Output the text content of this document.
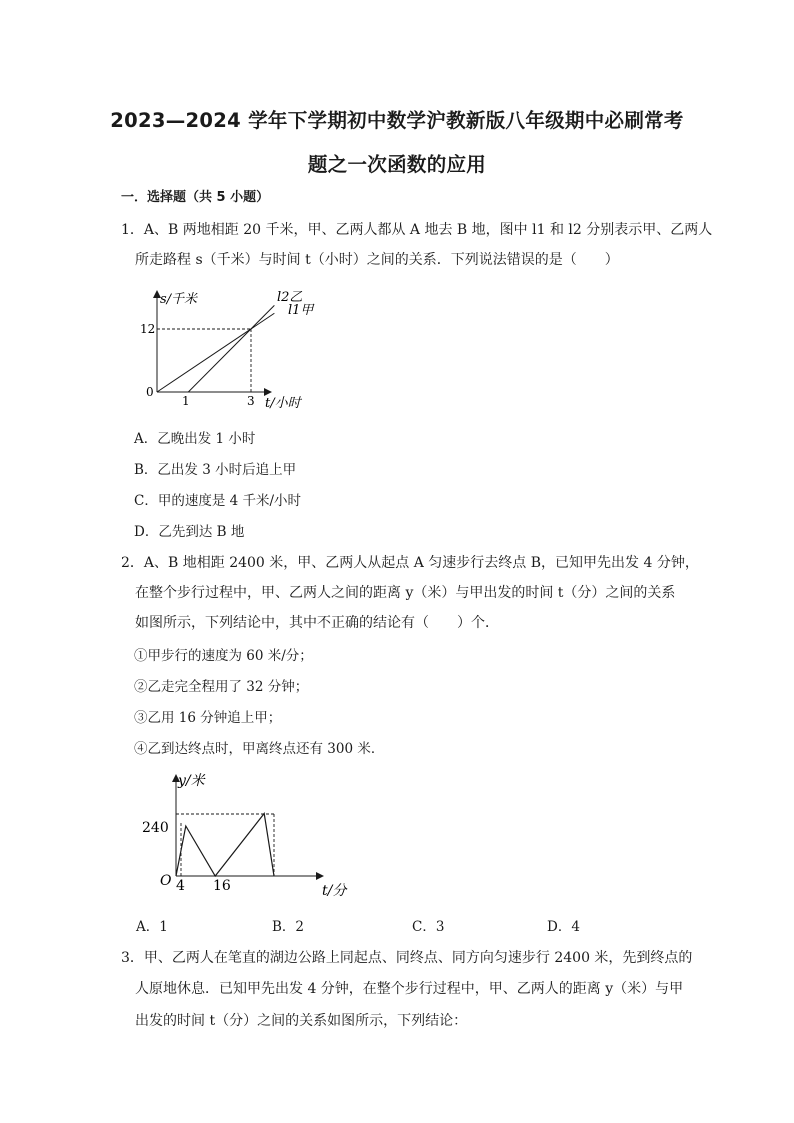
2023—2024 学年下学期初中数学沪教新版八年级期中必刷常考
题之一次函数的应用
一．选择题（共 5 小题）
1．A、B 两地相距 20 千米，甲、乙两人都从 A 地去 B 地，图中 l1 和 l2 分别表示甲、乙两人
所走路程 s（千米）与时间 t（小时）之间的关系．下列说法错误的是（　　）
s/千米
12
0
1	3 t/小时
l2乙
l1甲
A．乙晚出发 1 小时
B．乙出发 3 小时后追上甲
C．甲的速度是 4 千米/小时
D．乙先到达 B 地
2．A、B 地相距 2400 米，甲、乙两人从起点 A 匀速步行去终点 B，已知甲先出发 4 分钟，
在整个步行过程中，甲、乙两人之间的距离 y（米）与甲出发的时间 t（分）之间的关系
如图所示，下列结论中，其中不正确的结论有（　　）个．
①甲步行的速度为 60 米/分；
②乙走完全程用了 32 分钟；
③乙用 16 分钟追上甲；
④乙到达终点时，甲离终点还有 300 米．
y/米
240
O 4 16	t/分
A．1	B．2	C．3	D．4
3．甲、乙两人在笔直的湖边公路上同起点、同终点、同方向匀速步行 2400 米，先到终点的
人原地休息．已知甲先出发 4 分钟，在整个步行过程中，甲、乙两人的距离 y（米）与甲
出发的时间 t（分）之间的关系如图所示，下列结论：
